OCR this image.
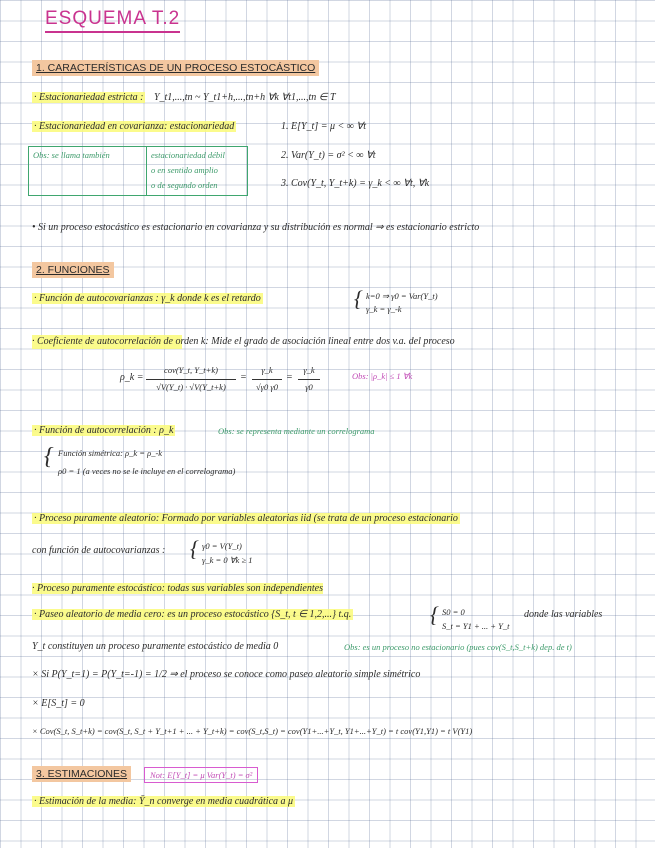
ESQUEMA T.2
1. CARACTERÍSTICAS DE UN PROCESO ESTOCÁSTICO
· Estacionariedad estricta : Y_t1,...,tn ~ Y_t1+h,...,tn+h ∀k ∀t1,...,tn ∈ T
· Estacionariedad en covarianza: estacionariedad	1. E[Y_t] = μ < ∞ ∀t
2. Var(Y_t) = σ² < ∞ ∀t
3. Cov(Y_t, Y_t+k) = γ_k < ∞ ∀t, ∀k
Obs: se llama también	estacionariedad débil
o en sentido amplio
o de segundo orden
• Si un proceso estocástico es estacionario en covarianza y su distribución es normal ⇒ es estacionario estricto
2. FUNCIONES
· Función de autocovarianzas : γ_k donde k es el retardo	{ k=0 ⇒ γ0 = Var(Y_t)
γ_k = γ_-k
· Coeficiente de autocorrelación de orden k: Mide el grado de asociación lineal entre dos v.a. del proceso
ρ_k =
cov(Y_t, Y_t+k)
√V(Y_t) · √V(Y_t+k)
=
γ_k
√γ0 γ0
=
γ_k
γ0
Obs: |ρ_k| ≤ 1 ∀k
· Función de autocorrelación : ρ_k	Obs: se representa mediante un correlograma
{ Función simétrica: ρ_k = ρ_-k
ρ0 = 1 (a veces no se le incluye en el correlograma)
· Proceso puramente aleatorio: Formado por variables aleatorias iid (se trata de un proceso estacionario
con función de autocovarianzas : { γ0 = V(Y_t)
γ_k = 0 ∀k ≥ 1
· Proceso puramente estocástico: todas sus variables son independientes
· Paseo aleatorio de media cero: es un proceso estocástico {S_t, t ∈ 1,2,...} t.q.	{ S0 = 0
S_t = Y1 + ... + Y_t
donde las variables
Y_t constituyen un proceso puramente estocástico de media 0	Obs: es un proceso no estacionario (pues cov(S_t,S_t+k) dep. de t)
× Si P(Y_t=1) = P(Y_t=-1) = 1/2 ⇒ el proceso se conoce como paseo aleatorio simple simétrico
× E[S_t] = 0
× Cov(S_t, S_t+k) = cov(S_t, S_t + Y_t+1 + ... + Y_t+k) = cov(S_t,S_t) = cov(Y1+...+Y_t, Y1+...+Y_t) = t cov(Y1,Y1) = t V(Y1)
3. ESTIMACIONES	Not: E[Y_t] = μ Var(Y_t) = σ²
· Estimación de la media: Ȳ_n converge en media cuadrática a μ
